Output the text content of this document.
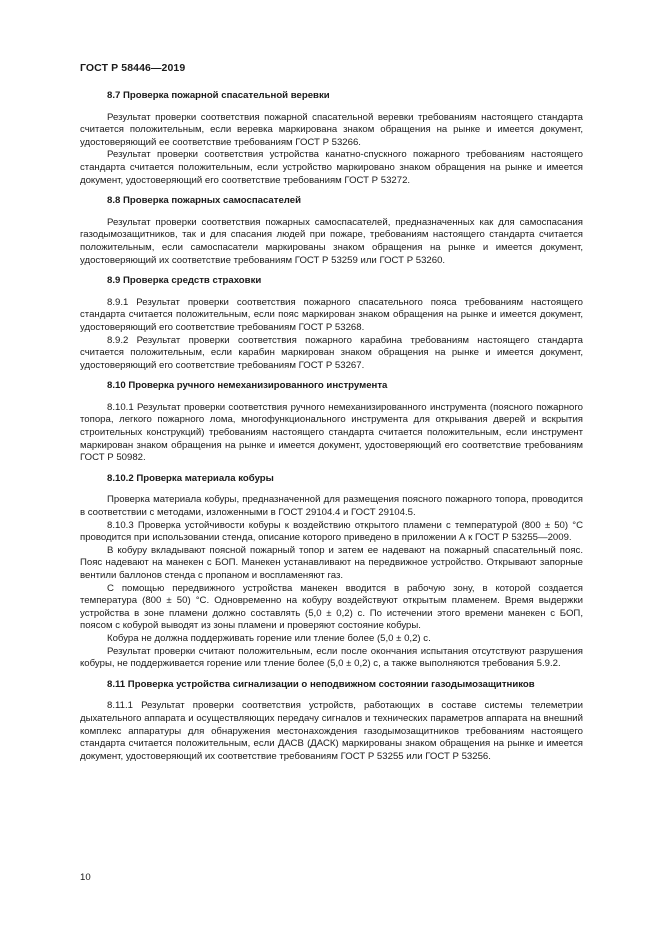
ГОСТ Р 58446—2019

8.7 Проверка пожарной спасательной веревки

Результат проверки соответствия пожарной спасательной веревки требованиям настоящего стандарта считается положительным, если веревка маркирована знаком обращения на рынке и имеется документ, удостоверяющий ее соответствие требованиям ГОСТ Р 53266.

Результат проверки соответствия устройства канатно-спускного пожарного требованиям настоящего стандарта считается положительным, если устройство маркировано знаком обращения на рынке и имеется документ, удостоверяющий его соответствие требованиям ГОСТ Р 53272.

8.8 Проверка пожарных самоспасателей

Результат проверки соответствия пожарных самоспасателей, предназначенных как для самоспасания газодымозащитников, так и для спасания людей при пожаре, требованиям настоящего стандарта считается положительным, если самоспасатели маркированы знаком обращения на рынке и имеется документ, удостоверяющий их соответствие требованиям ГОСТ Р 53259 или ГОСТ Р 53260.

8.9 Проверка средств страховки

8.9.1 Результат проверки соответствия пожарного спасательного пояса требованиям настоящего стандарта считается положительным, если пояс маркирован знаком обращения на рынке и имеется документ, удостоверяющий его соответствие требованиям ГОСТ Р 53268.

8.9.2 Результат проверки соответствия пожарного карабина требованиям настоящего стандарта считается положительным, если карабин маркирован знаком обращения на рынке и имеется документ, удостоверяющий его соответствие требованиям ГОСТ Р 53267.

8.10 Проверка ручного немеханизированного инструмента

8.10.1 Результат проверки соответствия ручного немеханизированного инструмента (поясного пожарного топора, легкого пожарного лома, многофункционального инструмента для открывания дверей и вскрытия строительных конструкций) требованиям настоящего стандарта считается положительным, если инструмент маркирован знаком обращения на рынке и имеется документ, удостоверяющий его соответствие требованиям ГОСТ Р 50982.

8.10.2 Проверка материала кобуры

Проверка материала кобуры, предназначенной для размещения поясного пожарного топора, проводится в соответствии с методами, изложенными в ГОСТ 29104.4 и ГОСТ 29104.5.

8.10.3 Проверка устойчивости кобуры к воздействию открытого пламени с температурой (800 ± 50) °С проводится при использовании стенда, описание которого приведено в приложении А к ГОСТ Р 53255—2009.

В кобуру вкладывают поясной пожарный топор и затем ее надевают на пожарный спасательный пояс. Пояс надевают на манекен с БОП. Манекен устанавливают на передвижное устройство. Открывают запорные вентили баллонов стенда с пропаном и воспламеняют газ.

С помощью передвижного устройства манекен вводится в рабочую зону, в которой создается температура (800 ± 50) °С. Одновременно на кобуру воздействуют открытым пламенем. Время выдержки устройства в зоне пламени должно составлять (5,0 ± 0,2) с. По истечении этого времени манекен с БОП, поясом с кобурой выводят из зоны пламени и проверяют состояние кобуры.

Кобура не должна поддерживать горение или тление более (5,0 ± 0,2) с.

Результат проверки считают положительным, если после окончания испытания отсутствуют разрушения кобуры, не поддерживается горение или тление более (5,0 ± 0,2) с, а также выполняются требования 5.9.2.

8.11 Проверка устройства сигнализации о неподвижном состоянии газодымозащитников

8.11.1 Результат проверки соответствия устройств, работающих в составе системы телеметрии дыхательного аппарата и осуществляющих передачу сигналов и технических параметров аппарата на внешний комплекс аппаратуры для обнаружения местонахождения газодымозащитников требованиям настоящего стандарта считается положительным, если ДАСВ (ДАСК) маркированы знаком обращения на рынке и имеется документ, удостоверяющий их соответствие требованиям ГОСТ Р 53255 или ГОСТ Р 53256.

10
